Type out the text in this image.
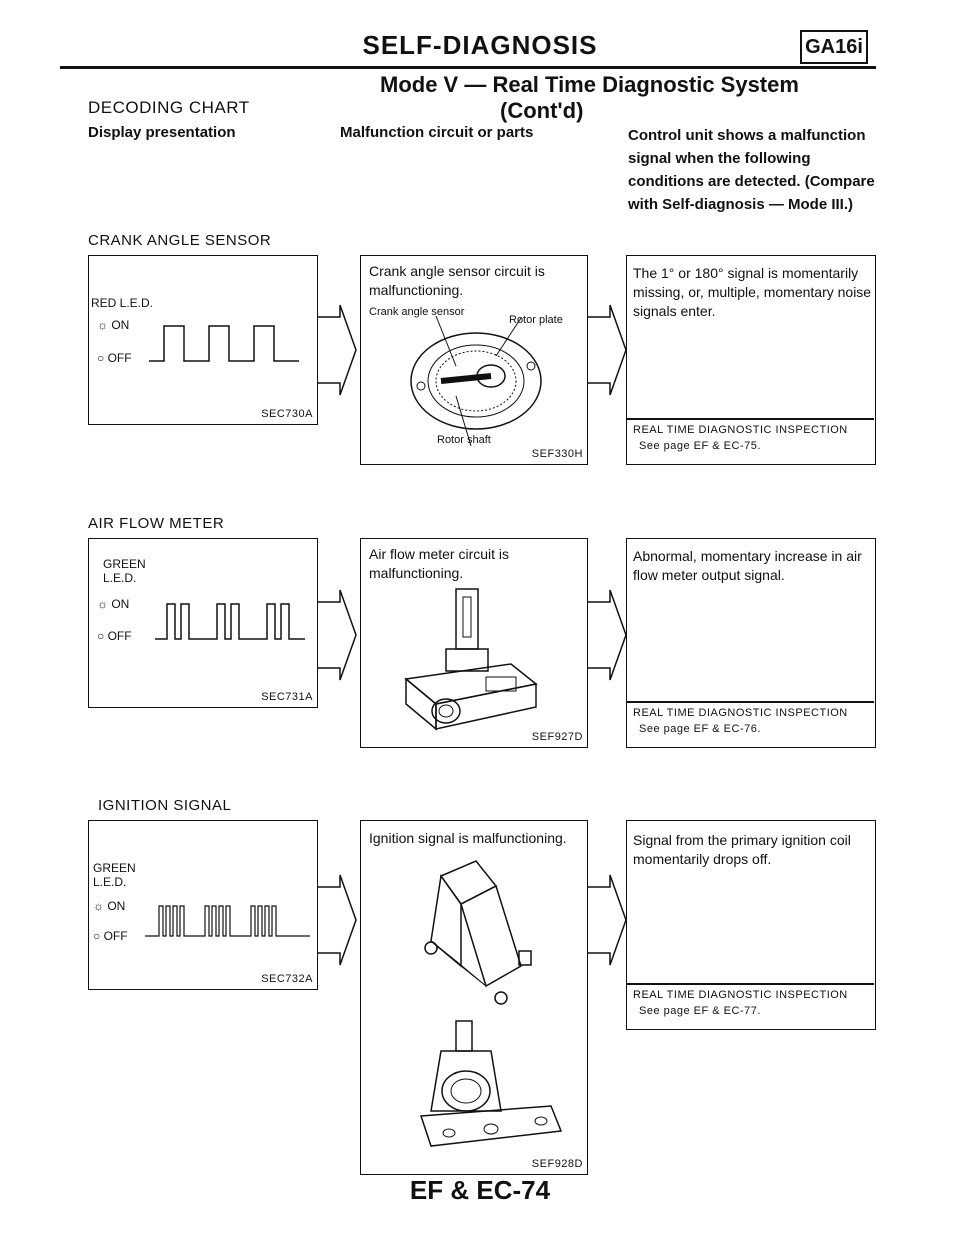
SELF-DIAGNOSIS	GA16i
Mode V — Real Time Diagnostic System
(Cont'd)
DECODING CHART
Display presentation	Malfunction circuit or parts	Control unit shows a malfunction signal when the following conditions are detected. (Compare with Self-diagnosis — Mode III.)
CRANK ANGLE SENSOR
RED L.E.D.
☼ ON
○ OFF
SEC730A
Crank angle sensor circuit is malfunctioning.
Crank angle sensor
Rotor plate
Rotor shaft
SEF330H
The 1° or 180° signal is momentarily missing, or, multiple, momentary noise signals enter.
REAL TIME DIAGNOSTIC INSPECTION
See page EF & EC-75.
AIR FLOW METER
GREEN L.E.D.
☼ ON
○ OFF
SEC731A
Air flow meter circuit is malfunctioning.
SEF927D
Abnormal, momentary increase in air flow meter output signal.
REAL TIME DIAGNOSTIC INSPECTION
See page EF & EC-76.
IGNITION SIGNAL
GREEN L.E.D.
☼ ON
○ OFF
SEC732A
Ignition signal is malfunctioning.
SEF928D
Signal from the primary ignition coil momentarily drops off.
REAL TIME DIAGNOSTIC INSPECTION
See page EF & EC-77.
EF & EC-74
